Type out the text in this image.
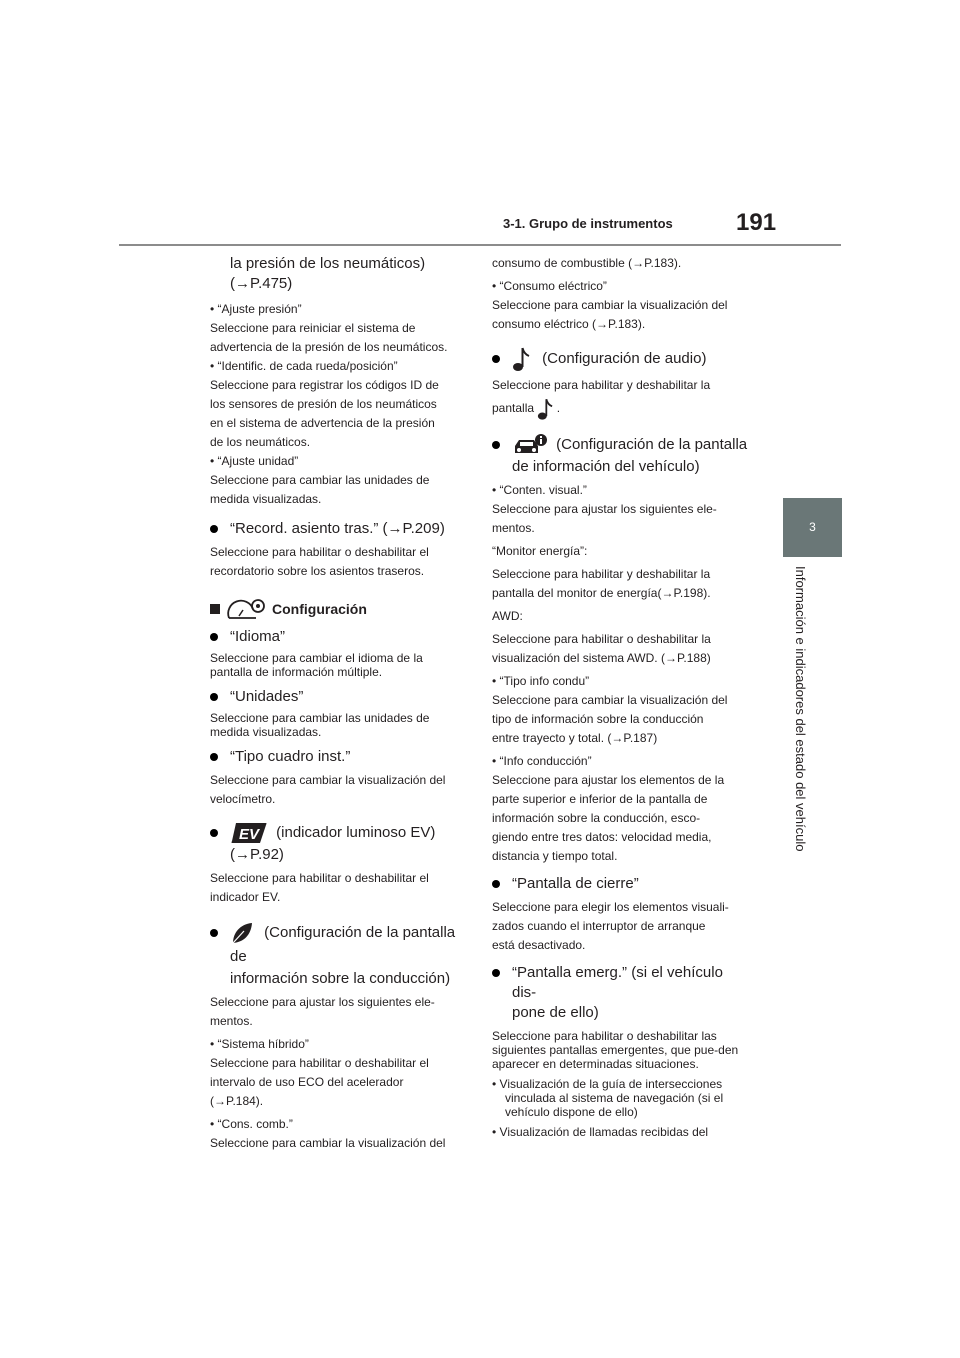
3-1. Grupo de instrumentos	191
3
Información e indicadores del estado del vehículo
la presión de los neumáticos)
(→P.475)
• “Ajuste presión”
Seleccione para reiniciar el sistema de
advertencia de la presión de los neumáticos.
• “Identific. de cada rueda/posición”
Seleccione para registrar los códigos ID de
los sensores de presión de los neumáticos
en el sistema de advertencia de la presión
de los neumáticos.
• “Ajuste unidad”
Seleccione para cambiar las unidades de
medida visualizadas.
“Record. asiento tras.” (→P.209)
Seleccione para habilitar o deshabilitar el
recordatorio sobre los asientos traseros.
Configuración
“Idioma”
Seleccione para cambiar el idioma de la pantalla de información múltiple.
“Unidades”
Seleccione para cambiar las unidades de medida visualizadas.
“Tipo cuadro inst.”
Seleccione para cambiar la visualización del
velocímetro.
EV (indicador luminoso EV)
(→P.92)
Seleccione para habilitar o deshabilitar el
indicador EV.
(Configuración de la pantalla de
información sobre la conducción)
Seleccione para ajustar los siguientes ele-
mentos.
• “Sistema híbrido”
Seleccione para habilitar o deshabilitar el
intervalo de uso ECO del acelerador
(→P.184).
• “Cons. comb.”
Seleccione para cambiar la visualización del
consumo de combustible (→P.183).
• “Consumo eléctrico”
Seleccione para cambiar la visualización del
consumo eléctrico (→P.183).
(Configuración de audio)
Seleccione para habilitar y deshabilitar la
pantalla .
(Configuración de la pantalla
de información del vehículo)
• “Conten. visual.”
Seleccione para ajustar los siguientes ele-
mentos.
“Monitor energía”:
Seleccione para habilitar y deshabilitar la
pantalla del monitor de energía(→P.198).
AWD:
Seleccione para habilitar o deshabilitar la
visualización del sistema AWD. (→P.188)
• “Tipo info condu”
Seleccione para cambiar la visualización del
tipo de información sobre la conducción
entre trayecto y total. (→P.187)
• “Info conducción”
Seleccione para ajustar los elementos de la
parte superior e inferior de la pantalla de
información sobre la conducción, esco-
giendo entre tres datos: velocidad media,
distancia y tiempo total.
“Pantalla de cierre”
Seleccione para elegir los elementos visuali-
zados cuando el interruptor de arranque
está desactivado.
“Pantalla emerg.” (si el vehículo dis-
pone de ello)
Seleccione para habilitar o deshabilitar las siguientes pantallas emergentes, que pue-den aparecer en determinadas situaciones.
• Visualización de la guía de intersecciones vinculada al sistema de navegación (si el vehículo dispone de ello)
• Visualización de llamadas recibidas del
